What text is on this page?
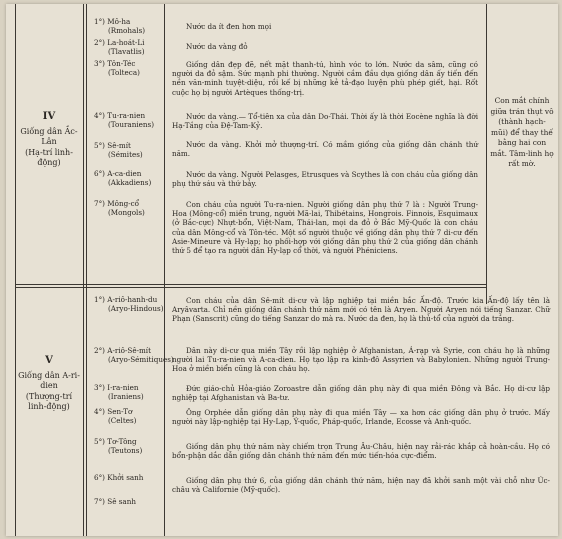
IV
Giống dân Ắc-Lân
(Hạ-trí linh-động)
V
Giống dân A-ri-dien
(Thượng-trí linh-động)
1°) Mô-ha
(Rmohals)
2°) La-hoát-Li
(Tlavatlis)
3°) Tôn-Téc
(Tolteca)
4°) Tu-ra-nien
(Touraniens)
5°) Sê-mít
(Sémites)
6°) A-ca-dien
(Akkadiens)
7°) Mông-cổ
(Mongols)
1°) A-riô-hanh-du
(Aryo-Hindous)
2°) A-riô-Sê-mít
(Aryo-Sémitiques)
3°) I-ra-nien
(Iraniens)
4°) Sen-Tơ
(Celtes)
5°) Tơ-Tông
(Teutons)
6°) Khởi sanh
7°) Sê sanh
Nước da ít đen hơn mọi
Nước da vàng đỏ
Giống dân đẹp đẽ, nết mặt thanh-tú, hình vóc to lớn. Nước da sâm, cũng có người da đỏ sậm. Sức mạnh phi thường. Người cầm đầu dựa giống dân ấy tiến đến nền văn-minh tuyệt-diệu, rồi kế bị những kẻ tả-đạo luyện phù phép giết, hại. Rốt cuộc họ bị người Artèques thống-trị.
Nước da vàng.— Tổ-tiên xa của dân Do-Thái. Thời ấy là thời Eocène nghĩa là đời Hạ-Tầng của Đệ-Tam-Kỷ.
Nước da vàng. Khởi mở thượng-trí. Có mầm giống của giống dân chánh thứ năm.
Nước da vàng. Người Pelasges, Etrusques và Scythes là con cháu của giống dân phụ thứ sáu và thứ bảy.
Con cháu của người Tu-ra-nien. Người giống dân phụ thứ 7 là : Người Trung-Hoa (Mông-cổ) miền trung, người Mã-lai, Thibétains, Hongrois. Finnois, Esquimaux (ở Bắc-cực) Nhựt-bổn, Việt-Nam, Thái-lan, mọi da đỏ ở Bắc Mỹ-Quốc là con cháu của dân Mông-cổ và Tôn-téc. Một số người thuộc về giống dân phụ thứ 7 di-cư đến Asie-Mineure và Hy-lạp; họ phối-hợp với giống dân phụ thứ 2 của giống dân chánh thứ 5 để tạo ra người dân Hy-lạp cổ thời, và người Phéniciens.
Con cháu của dân Sê-mít di-cư và lập nghiệp tại miền bắc Ấn-độ. Trước kia Ấn-độ lấy tên là Aryâvarta. Chỉ nền giống dân chánh thứ năm mới có tên là Aryen. Người Aryen nói tiếng Sanzar. Chữ Phạn (Sanscrit) cũng do tiếng Sanzar do mà ra. Nước da đen, họ là thủ-tổ của người da trắng.
Dân này di-cư qua miền Tây rồi lập nghiệp ở Afghanistan, Á-rạp và Syrie, con cháu họ là những người lai Tu-ra-nien và A-ca-dien. Họ tạo lập ra kinh-đô Assyrien và Babylonien. Những người Trung-Hoa ở miền biển cũng là con cháu họ.
Đức giáo-chủ Hỏa-giáo Zoroastre dẫn giống dân phụ này đi qua miền Đông và Bắc. Họ di-cư lập nghiệp tại Afghanistan và Ba-tư.
Ông Orphée dẫn giống dân phụ này đi qua miền Tây — xa hơn các giống dân phụ ở trước. Mấy người này lập-nghiệp tại Hy-Lạp, Ý-quốc, Pháp-quốc, Irlande, Ecosse và Anh-quốc.
Giống dân phụ thứ năm này chiếm trọn Trung Âu-Châu, hiện nay rải-rác khắp cả hoàn-cầu. Họ có bổn-phận dắc dẫn giống dân chánh thứ năm đến mức tiến-hóa cực-điểm.
Giống dân phụ thứ 6, của giống dân chánh thứ năm, hiện nay đã khởi sanh một vài chỗ như Úc-châu và Californie (Mỹ-quốc).
Con mắt chính giữa trán thụt vô (thành hạch-mũi) để thay thế bằng hai con mắt. Tâm-linh họ rất mờ.
